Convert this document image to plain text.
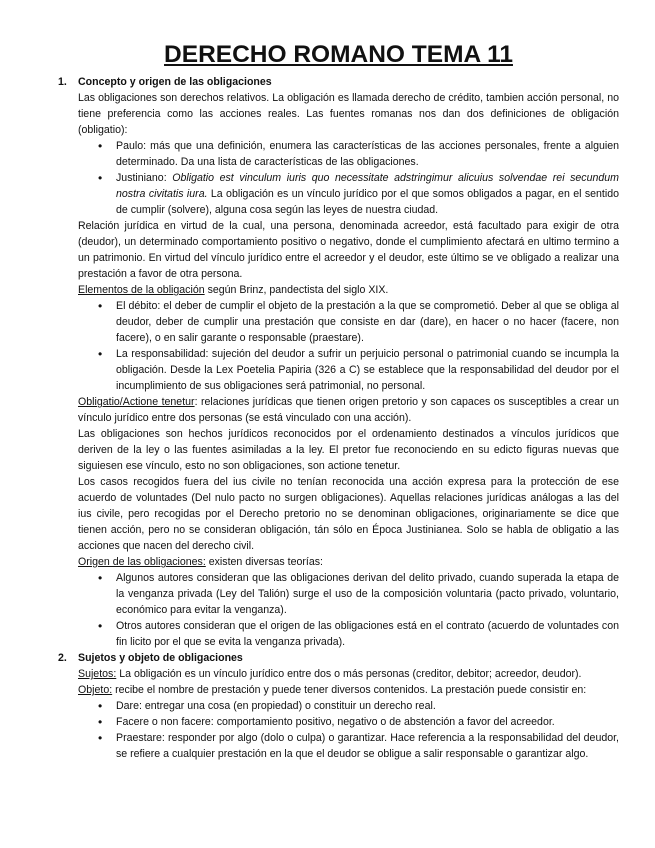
DERECHO ROMANO TEMA 11
1. Concepto y origen de las obligaciones

Las obligaciones son derechos relativos. La obligación es llamada derecho de crédito, tambien acción personal, no tiene preferencia como las acciones reales. Las fuentes romanas nos dan dos definiciones de obligación (obligatio):

• Paulo: más que una definición, enumera las características de las acciones personales, frente a alguien determinado. Da una lista de características de las obligaciones.
• Justiniano: Obligatio est vinculum iuris quo necessitate adstringimur alicuius solvendae rei secundum nostra civitatis iura. La obligación es un vínculo jurídico por el que somos obligados a pagar, en el sentido de cumplir (solvere), alguna cosa según las leyes de nuestra ciudad.

Relación jurídica en virtud de la cual, una persona, denominada acreedor, está facultado para exigir de otra (deudor), un determinado comportamiento positivo o negativo, donde el cumplimiento afectará en ultimo termino a un patrimonio. En virtud del vínculo jurídico entre el acreedor y el deudor, este último se ve obligado a realizar una prestación a favor de otra persona.

Elementos de la obligación según Brinz, pandectista del siglo XIX.

• El débito: el deber de cumplir el objeto de la prestación a la que se comprometió. Deber al que se obliga al deudor, deber de cumplir una prestación que consiste en dar (dare), en hacer o no hacer (facere, non facere), o en salir garante o responsable (praestare).
• La responsabilidad: sujeción del deudor a sufrir un perjuicio personal o patrimonial cuando se incumpla la obligación. Desde la Lex Poetelia Papiria (326 a C) se establece que la responsabilidad del deudor por el incumplimiento de sus obligaciones será patrimonial, no personal.

Obligatio/Actione tenetur: relaciones jurídicas que tienen origen pretorio y son capaces os susceptibles a crear un vínculo jurídico entre dos personas (se está vinculado con una acción).

Las obligaciones son hechos jurídicos reconocidos por el ordenamiento destinados a vínculos jurídicos que deriven de la ley o las fuentes asimiladas a la ley. El pretor fue reconociendo en su edicto figuras nuevas que siguiesen ese vínculo, esto no son obligaciones, son actione tenetur.

Los casos recogidos fuera del ius civile no tenían reconocida una acción expresa para la protección de ese acuerdo de voluntades (Del nulo pacto no surgen obligaciones). Aquellas relaciones jurídicas análogas a las del ius civile, pero recogidas por el Derecho pretorio no se denominan obligaciones, originariamente se dice que tienen acción, pero no se consideran obligación, tán sólo en Época Justinianea. Solo se habla de obligatio a las acciones que nacen del derecho civil.

Origen de las obligaciones: existen diversas teorías:

• Algunos autores consideran que las obligaciones derivan del delito privado, cuando superada la etapa de la venganza privada (Ley del Talión) surge el uso de la composición voluntaria (pacto privado, voluntario, económico para evitar la venganza).
• Otros autores consideran que el origen de las obligaciones está en el contrato (acuerdo de voluntades con fin licito por el que se evita la venganza privada).
2. Sujetos y objeto de obligaciones

Sujetos: La obligación es un vínculo jurídico entre dos o más personas (creditor, debitor; acreedor, deudor).

Objeto: recibe el nombre de prestación y puede tener diversos contenidos. La prestación puede consistir en:

• Dare: entregar una cosa (en propiedad) o constituir un derecho real.
• Facere o non facere: comportamiento positivo, negativo o de abstención a favor del acreedor.
• Praestare: responder por algo (dolo o culpa) o garantizar. Hace referencia a la responsabilidad del deudor, se refiere a cualquier prestación en la que el deudor se obligue a salir responsable o garantizar algo.
